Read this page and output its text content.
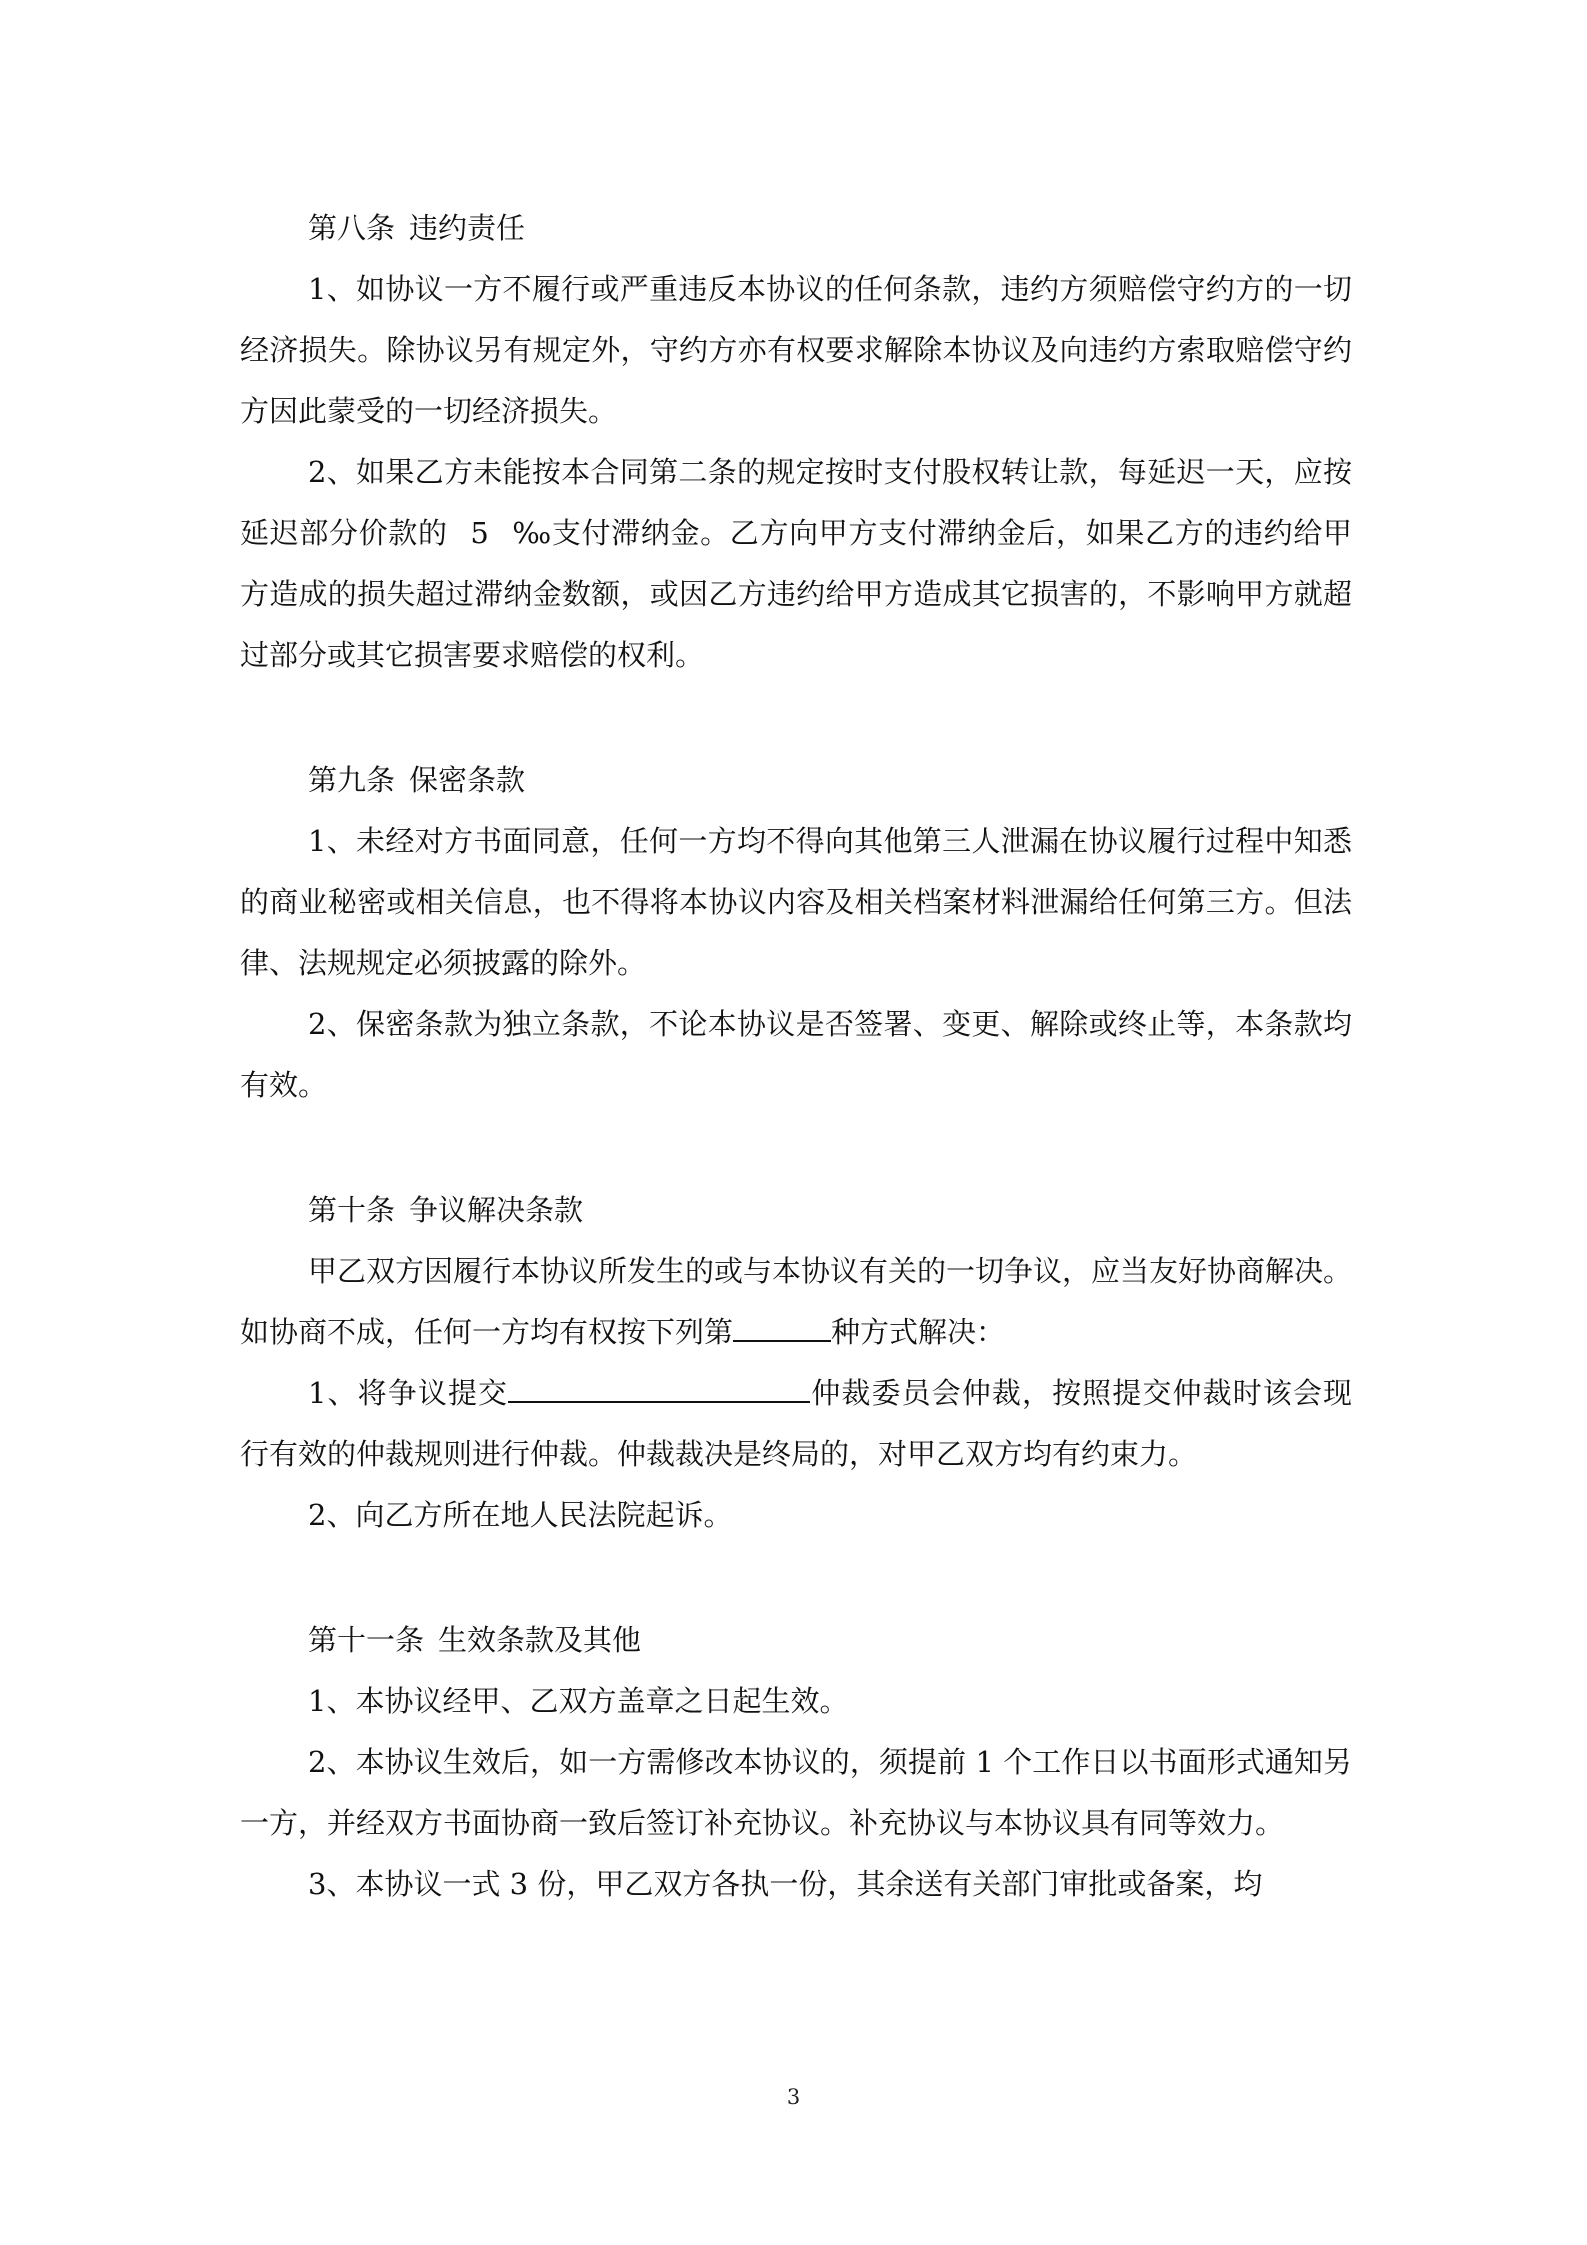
第八条 违约责任

1、如协议一方不履行或严重违反本协议的任何条款，违约方须赔偿守约方的一切经济损失。除协议另有规定外，守约方亦有权要求解除本协议及向违约方索取赔偿守约方因此蒙受的一切经济损失。

2、如果乙方未能按本合同第二条的规定按时支付股权转让款，每延迟一天，应按延迟部分价款的 5 ‰支付滞纳金。乙方向甲方支付滞纳金后，如果乙方的违约给甲方造成的损失超过滞纳金数额，或因乙方违约给甲方造成其它损害的，不影响甲方就超过部分或其它损害要求赔偿的权利。

第九条 保密条款

1、未经对方书面同意，任何一方均不得向其他第三人泄漏在协议履行过程中知悉的商业秘密或相关信息，也不得将本协议内容及相关档案材料泄漏给任何第三方。但法律、法规规定必须披露的除外。

2、保密条款为独立条款，不论本协议是否签署、变更、解除或终止等，本条款均有效。

第十条 争议解决条款

甲乙双方因履行本协议所发生的或与本协议有关的一切争议，应当友好协商解决。如协商不成，任何一方均有权按下列第	种方式解决：

1、将争议提交	仲裁委员会仲裁，按照提交仲裁时该会现行有效的仲裁规则进行仲裁。仲裁裁决是终局的，对甲乙双方均有约束力。

2、向乙方所在地人民法院起诉。

第十一条 生效条款及其他

1、本协议经甲、乙双方盖章之日起生效。

2、本协议生效后，如一方需修改本协议的，须提前 1 个工作日以书面形式通知另一方，并经双方书面协商一致后签订补充协议。补充协议与本协议具有同等效力。

3、本协议一式 3 份，甲乙双方各执一份，其余送有关部门审批或备案，均

3
